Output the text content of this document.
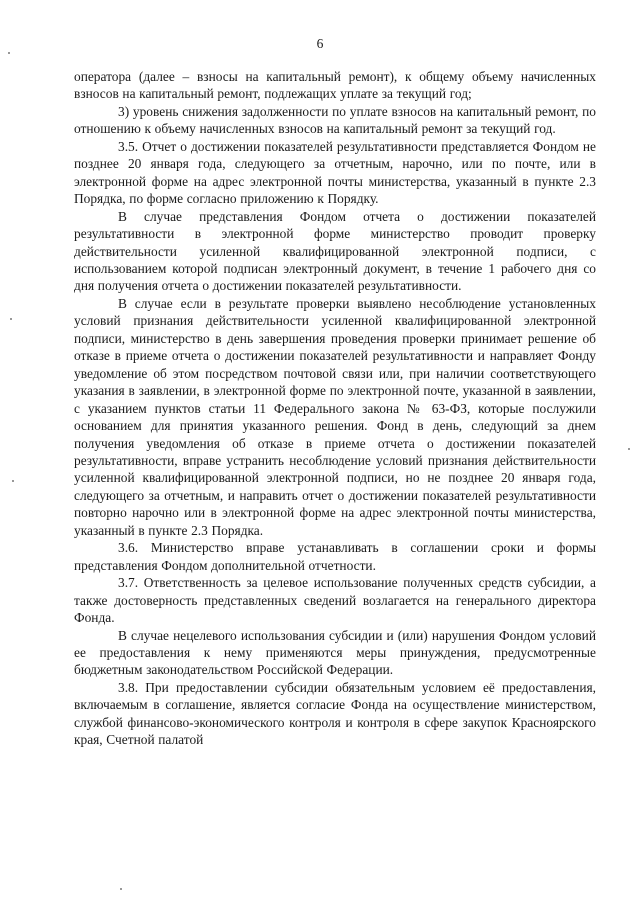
6

оператора (далее – взносы на капитальный ремонт), к общему объему начисленных взносов на капитальный ремонт, подлежащих уплате за текущий год;

3) уровень снижения задолженности по уплате взносов на капитальный ремонт, по отношению к объему начисленных взносов на капитальный ремонт за текущий год.

3.5. Отчет о достижении показателей результативности представляется Фондом не позднее 20 января года, следующего за отчетным, нарочно, или по почте, или в электронной форме на адрес электронной почты министерства, указанный в пункте 2.3 Порядка, по форме согласно приложению к Порядку.

В случае представления Фондом отчета о достижении показателей результативности в электронной форме министерство проводит проверку действительности усиленной квалифицированной электронной подписи, с использованием которой подписан электронный документ, в течение 1 рабочего дня со дня получения отчета о достижении показателей результативности.

В случае если в результате проверки выявлено несоблюдение установленных условий признания действительности усиленной квалифицированной электронной подписи, министерство в день завершения проведения проверки принимает решение об отказе в приеме отчета о достижении показателей результативности и направляет Фонду уведомление об этом посредством почтовой связи или, при наличии соответствующего указания в заявлении, в электронной форме по электронной почте, указанной в заявлении, с указанием пунктов статьи 11 Федерального закона № 63-ФЗ, которые послужили основанием для принятия указанного решения. Фонд в день, следующий за днем получения уведомления об отказе в приеме отчета о достижении показателей результативности, вправе устранить несоблюдение условий признания действительности усиленной квалифицированной электронной подписи, но не позднее 20 января года, следующего за отчетным, и направить отчет о достижении показателей результативности повторно нарочно или в электронной форме на адрес электронной почты министерства, указанный в пункте 2.3 Порядка.

3.6. Министерство вправе устанавливать в соглашении сроки и формы представления Фондом дополнительной отчетности.

3.7. Ответственность за целевое использование полученных средств субсидии, а также достоверность представленных сведений возлагается на генерального директора Фонда.

В случае нецелевого использования субсидии и (или) нарушения Фондом условий ее предоставления к нему применяются меры принуждения, предусмотренные бюджетным законодательством Российской Федерации.

3.8. При предоставлении субсидии обязательным условием её предоставления, включаемым в соглашение, является согласие Фонда на осуществление министерством, службой финансово-экономического контроля и контроля в сфере закупок Красноярского края, Счетной палатой
